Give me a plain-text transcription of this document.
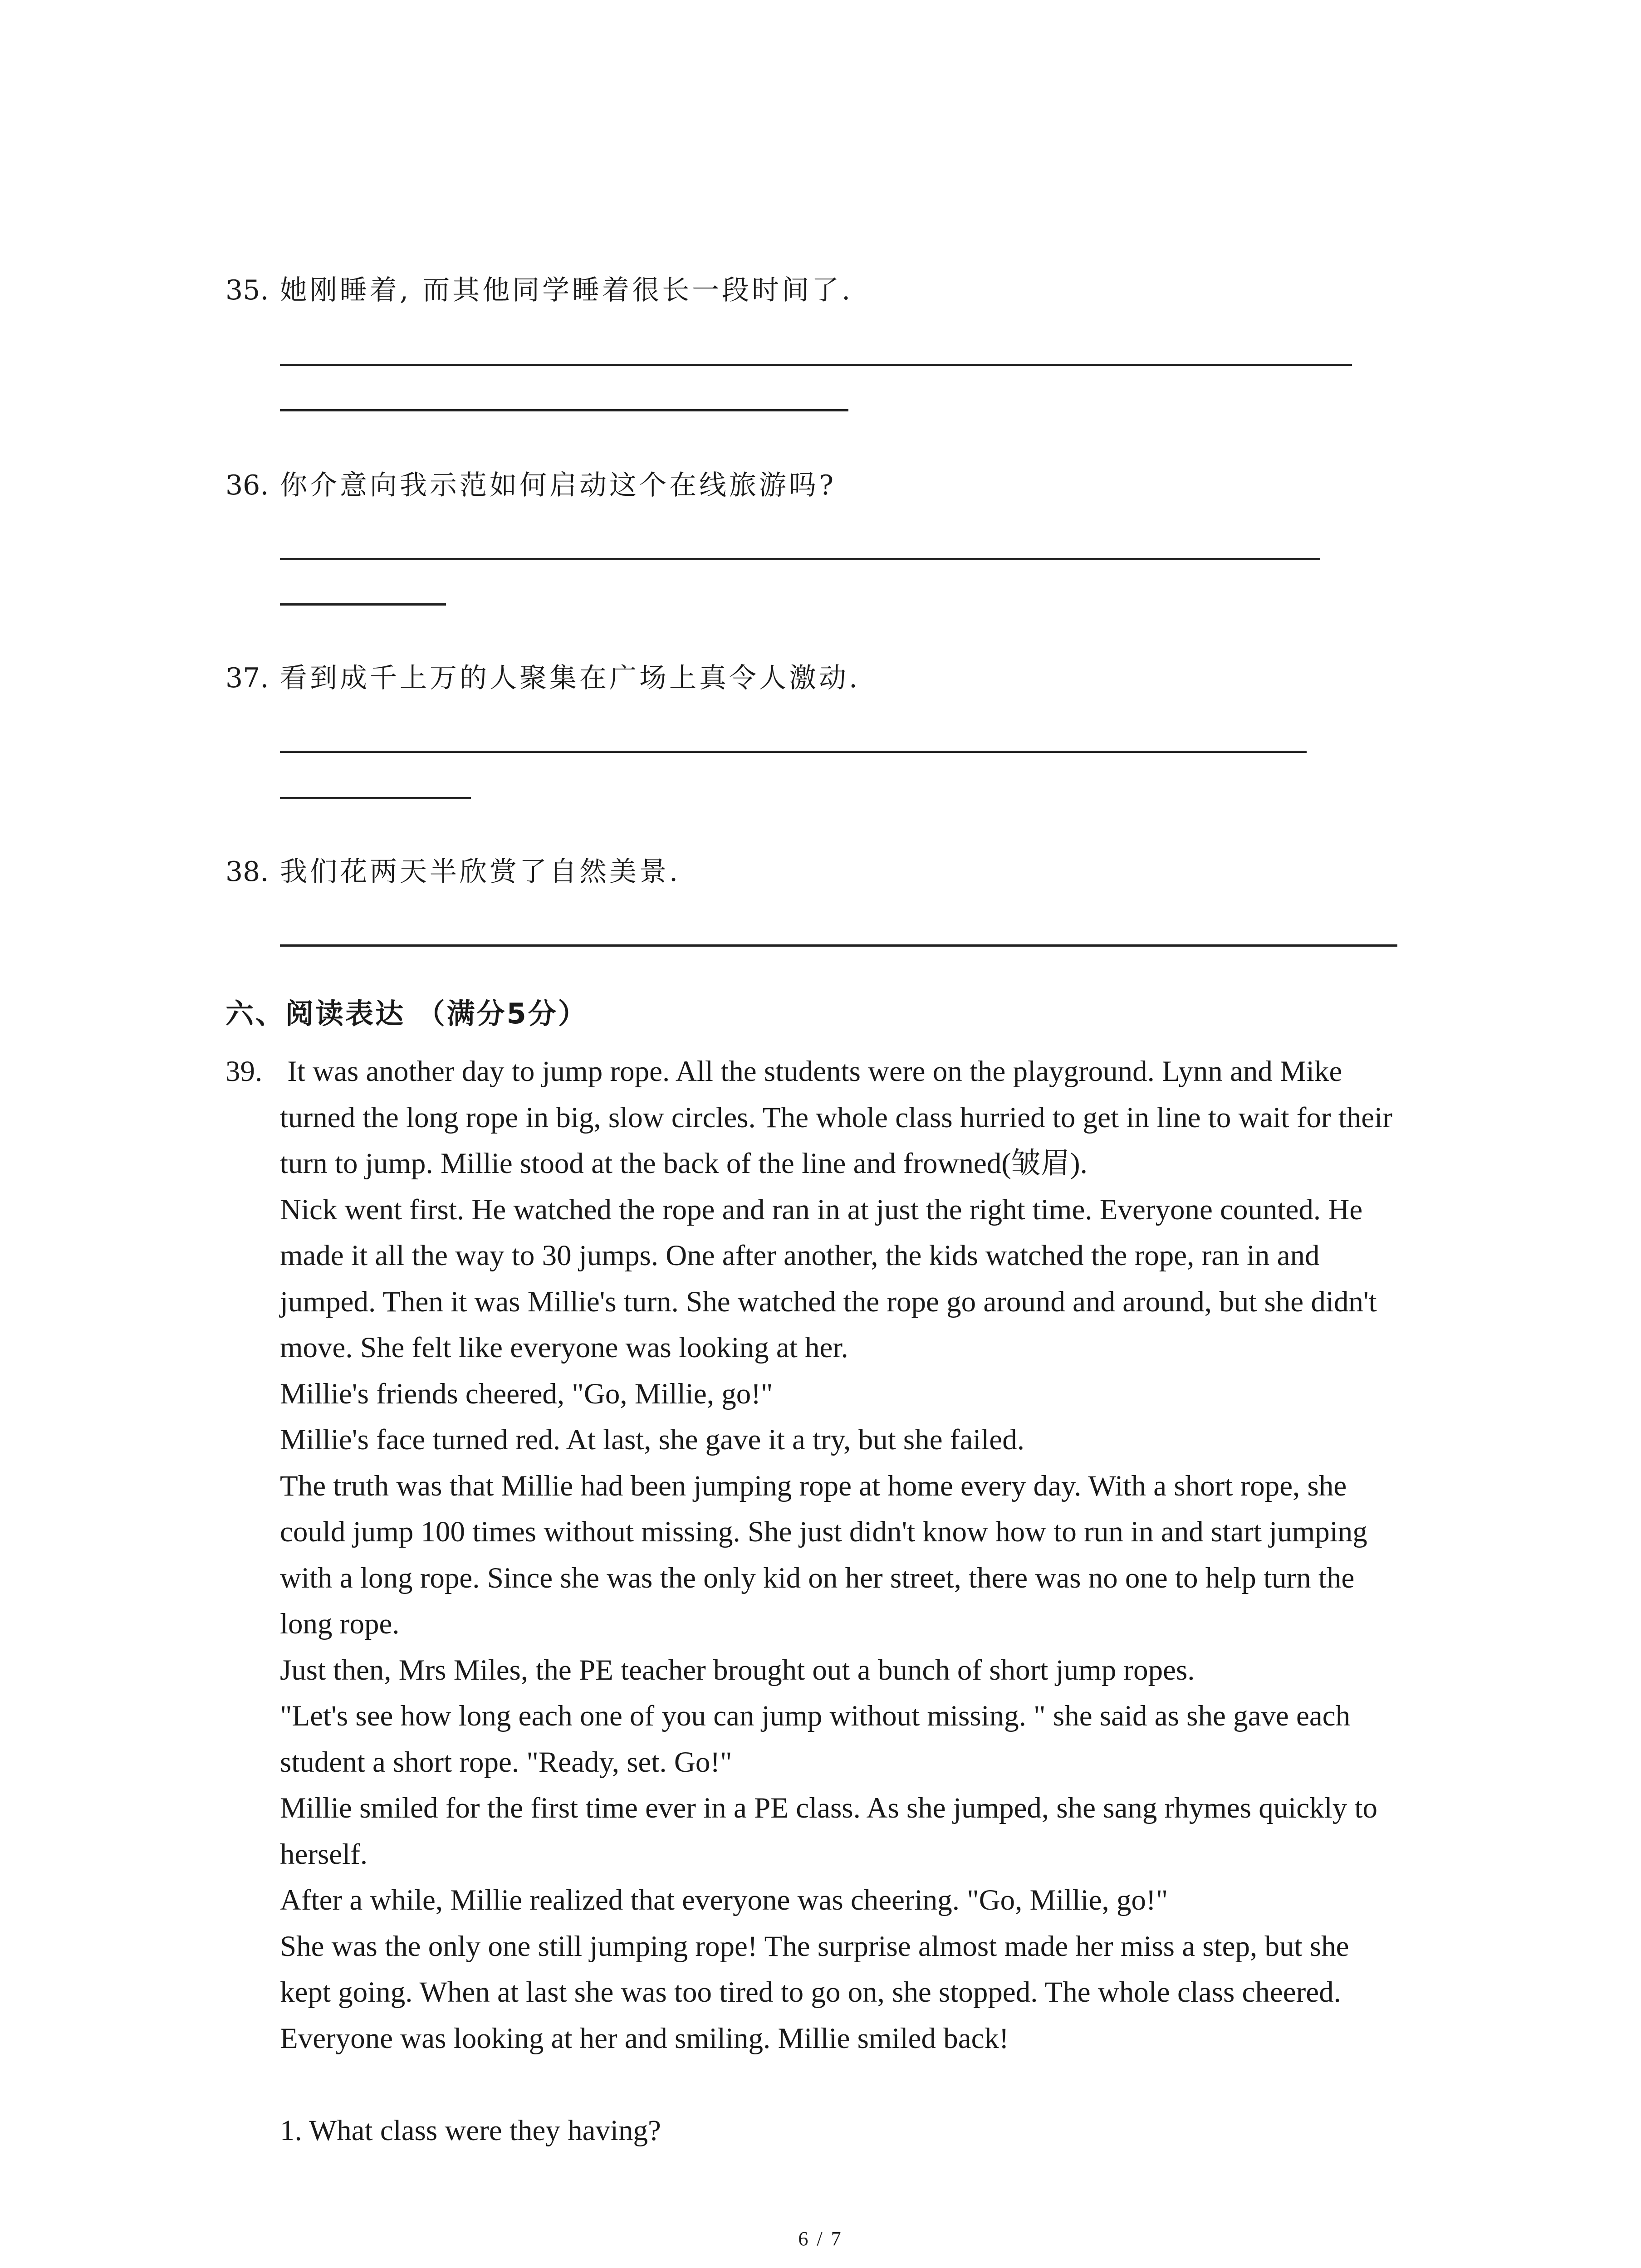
35. 她刚睡着, 而其他同学睡着很长一段时间了.
36. 你介意向我示范如何启动这个在线旅游吗?
37. 看到成千上万的人聚集在广场上真令人激动.
38. 我们花两天半欣赏了自然美景.
六、阅读表达 （满分5分）
39. It was another day to jump rope. All the students were on the playground. Lynn and Mike
turned the long rope in big, slow circles. The whole class hurried to get in line to wait for their
turn to jump. Millie stood at the back of the line and frowned(皱眉).
Nick went first. He watched the rope and ran in at just the right time. Everyone counted. He
made it all the way to 30 jumps. One after another, the kids watched the rope, ran in and
jumped. Then it was Millie's turn. She watched the rope go around and around, but she didn't
move. She felt like everyone was looking at her.
Millie's friends cheered, "Go, Millie, go!"
Millie's face turned red. At last, she gave it a try, but she failed.
The truth was that Millie had been jumping rope at home every day. With a short rope, she
could jump 100 times without missing. She just didn't know how to run in and start jumping
with a long rope. Since she was the only kid on her street, there was no one to help turn the
long rope.
Just then, Mrs Miles, the PE teacher brought out a bunch of short jump ropes.
"Let's see how long each one of you can jump without missing. " she said as she gave each
student a short rope. "Ready, set. Go!"
Millie smiled for the first time ever in a PE class. As she jumped, she sang rhymes quickly to
herself.
After a while, Millie realized that everyone was cheering. "Go, Millie, go!"
She was the only one still jumping rope! The surprise almost made her miss a step, but she
kept going. When at last she was too tired to go on, she stopped. The whole class cheered.
Everyone was looking at her and smiling. Millie smiled back!
1. What class were they having?
6 / 7
